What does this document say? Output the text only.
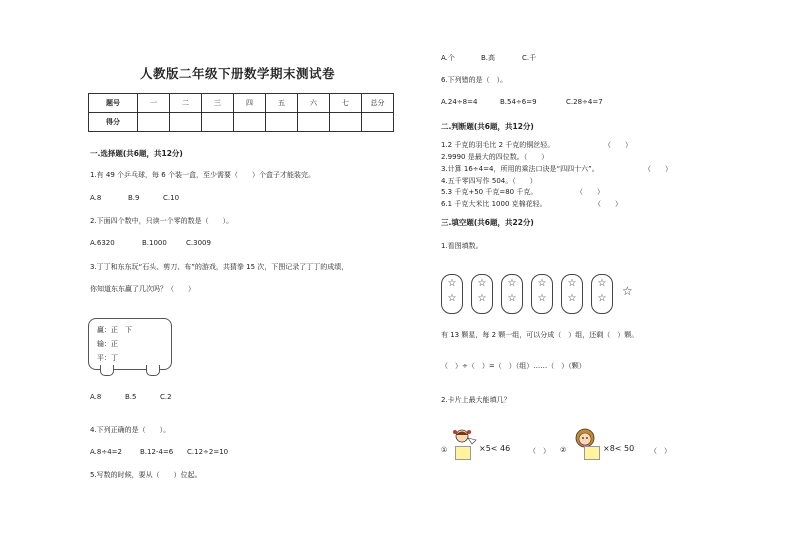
人教版二年级下册数学期末测试卷
题号	一	二	三	四	五	六	七	总分
得分								
一.选择题(共6题，共12分)
1.有 49 个乒乓球，每 6 个装一盒，至少需要（　　）个盒子才能装完。
A.8	B.9	C.10
2.下面四个数中，只读一个零的数是（　　）。
A.6320	B.1000	C.3009
3.丁丁和东东玩“石头、剪刀、布”的游戏，共猜拳 15 次，下图记录了丁丁的成绩，
你知道东东赢了几次吗？（　　）
赢：正　下
输：正
平：丁
A.8	B.5	C.2
4.下列正确的是（　　）。
A.8÷4=2	B.12-4=6 C.12÷2=10
5.写数的时候，要从（　　）位起。
A.个	B.高	C.千
6.下列错的是（　）。
A.24÷8=4	B.54÷6=9	C.28÷4=7
二.判断题(共6题，共12分)
1.2 千克的羽毛比 2 千克的铜丝轻。	（　　）
2.9990 是最大的四位数。（　　）
3.计算 16÷4=4，所用的乘法口诀是“四四十六”。	（　　）
4.五千零四写作 504。（　　）
5.3 千克+50 千克=80 千克。	（　　）
6.1 千克大米比 1000 克棉花轻。	（　　）
三.填空题(共6题，共22分)
1.看图填数。
☆
☆
☆
☆
☆
☆
☆
☆
☆
☆
☆
☆
☆
有 13 颗星，每 2 颗一组，可以分成（　）组，还剩（　）颗。
（　）÷（　）=（　）（组）……（　）（颗）
2.卡片上最大能填几？
①	×5< 46	（　） ②	×8< 50 （　）
